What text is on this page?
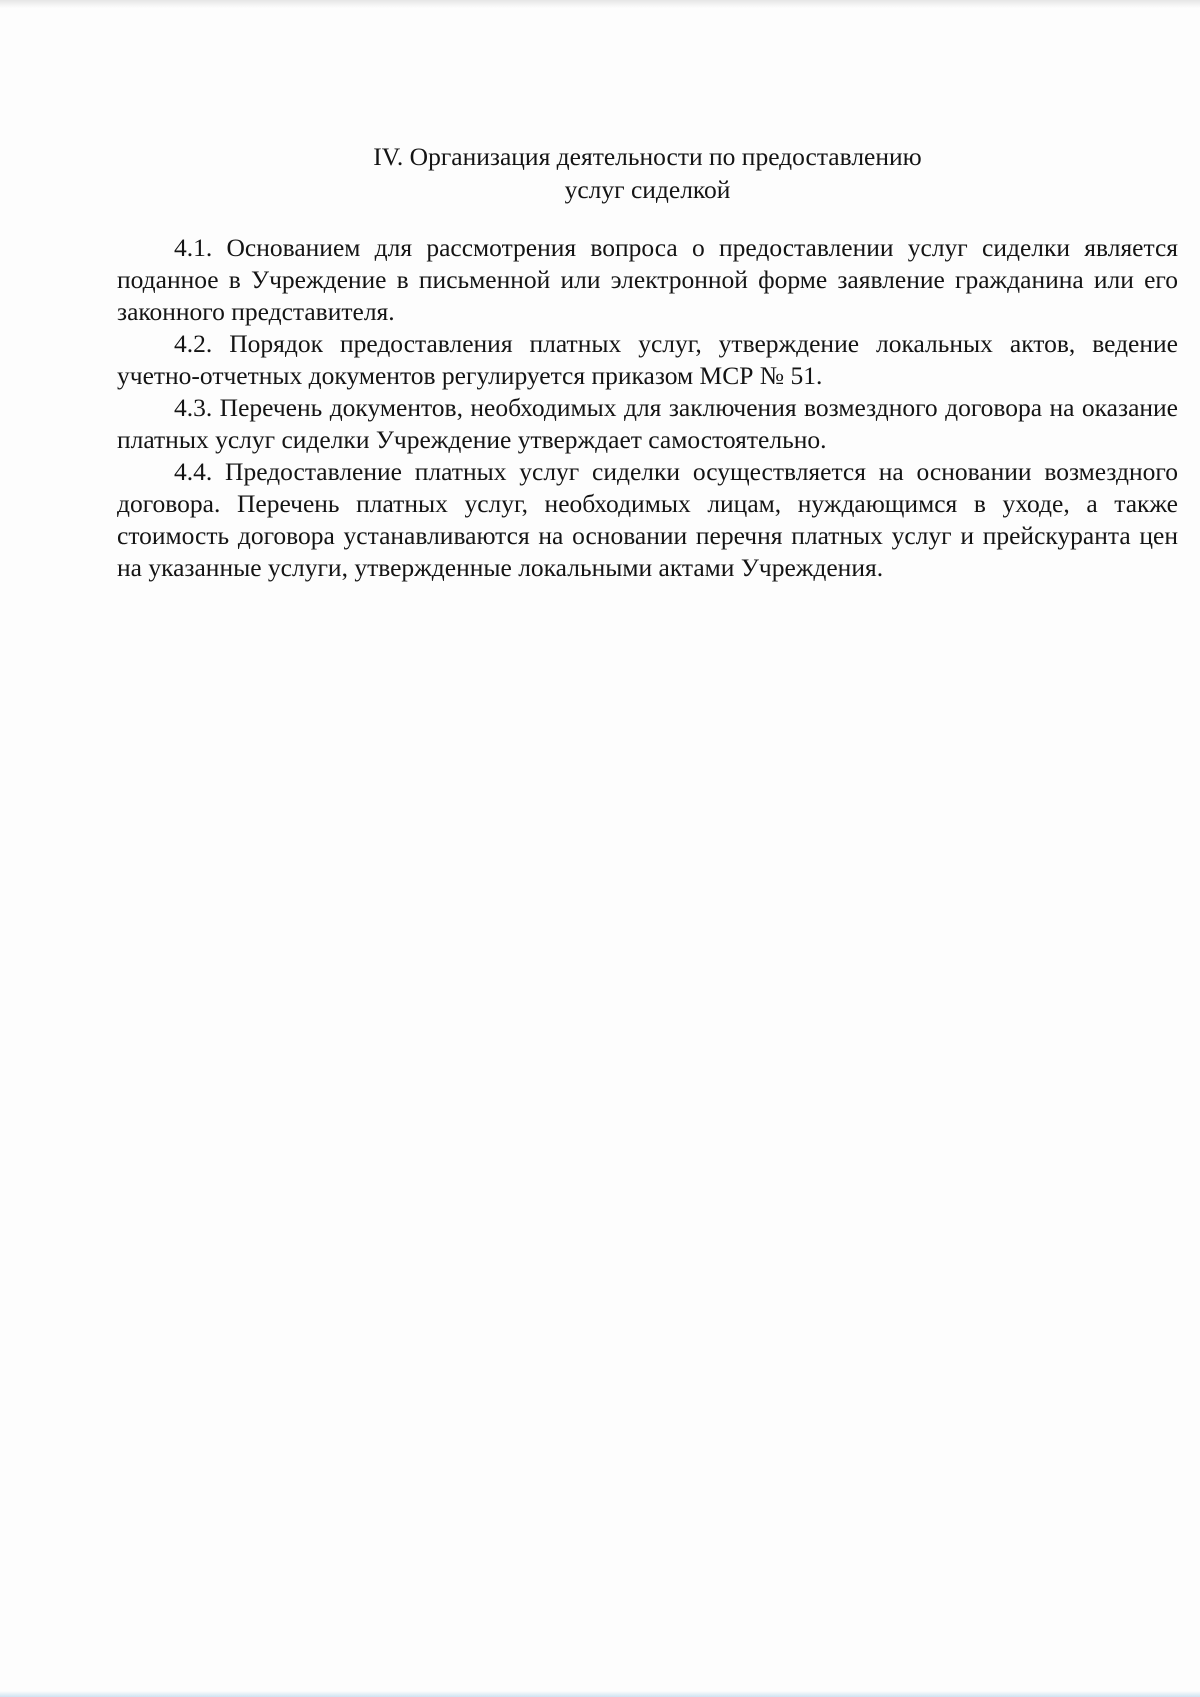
IV. Организация деятельности по предоставлению
услуг сиделкой

4.1. Основанием для рассмотрения вопроса о предоставлении услуг сиделки является поданное в Учреждение в письменной или электронной форме заявление гражданина или его законного представителя.

4.2. Порядок предоставления платных услуг, утверждение локальных актов, ведение учетно-отчетных документов регулируется приказом МСР № 51.

4.3. Перечень документов, необходимых для заключения возмездного договора на оказание платных услуг сиделки Учреждение утверждает самостоятельно.

4.4. Предоставление платных услуг сиделки осуществляется на основании возмездного договора. Перечень платных услуг, необходимых лицам, нуждающимся в уходе, а также стоимость договора устанавливаются на основании перечня платных услуг и прейскуранта цен на указанные услуги, утвержденные локальными актами Учреждения.
